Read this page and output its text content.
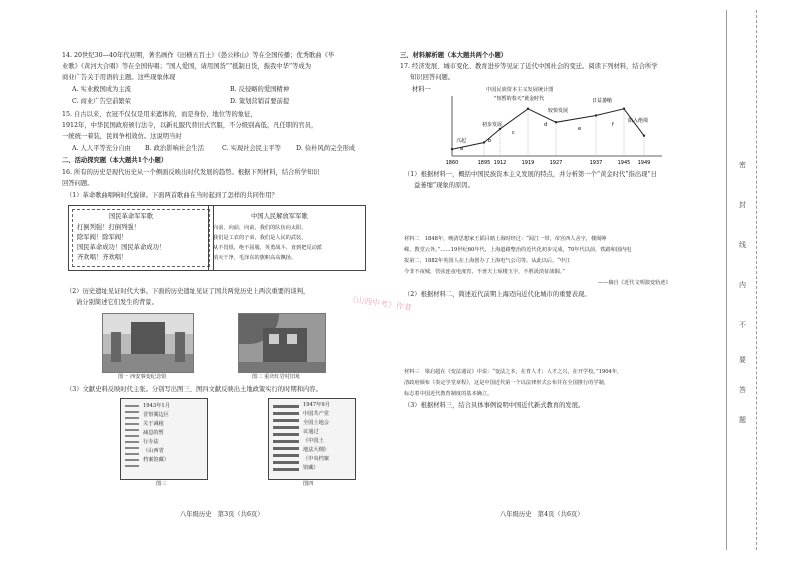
14. 20世纪30—40年代初期，著名画作《田横五百士》《愚公移山》等在全国传播；优秀歌曲《毕
业歌》《黄河大合唱》等在全国传唱；“国人爱国，请用国货”“抵制日货，振我中华”等成为
商业广告关于用语的主题。这些现象体现
A. 实业救国成为主流	B. 反侵略的爱国精神
C. 商业广告空前繁荣	D. 策划营销首要前提
15. 自古以来，衣冠不仅仅是用来遮体的，而是身份、地位等的象征，
1912年，中华民国政府颁行法令，以新礼服代替旧式官服，不分级别高低，凡任职的官员，
一统统一着装，民间争相效仿。这说明当时
A. 人人平等充分自由 B. 政治影响社会生活	C. 实现社会民主平等 D. 俭朴风尚完全形成
二、活动探究题（本大题共1个小题）
16. 所有的历史是现代历史从一个侧面反映出时代发展的趋势。根据下列材料，结合所学知识
回答问题。
（1）革命歌曲唱响时代旋律。下面两首歌曲在当时起到了怎样的共同作用？
国民革命军军歌
打倒列强！打倒列强！
除军阀！除军阀！
国民革命成功！国民革命成功！
齐欢唱！齐欢唱！
中国人民解放军军歌
向前，向前，向前，我们的队伍向太阳，
我们是工农的子弟，我们是人民的武装，
从不畏惧，绝不屈服，英勇战斗，直到把反动派
消灭干净，毛泽东的旗帜高高飘扬。
（2）历史遗址见证时代大事。下面的历史遗址见证了国共两党历史上两次重要的谈判，
请分别简述它们发生的背景。
图一 西安事变纪念馆	图二 重庆红岩村旧址
（3）文献史料反映时代主张。分别写出图三、图四文献反映出土地政策实行的时期和内容。
1943年1月
晋察冀边区
关于减租
减息的暂
行办法
（山西省
档案馆藏）
1947年9月
中国共产党
全国土地会
议通过
《中国土
地法大纲》
（中央档案
馆藏）
图三	图四
八年级历史　第3页（共6页）
《山西中考》作者
三、材料解析题（本大题共两个小题）
17. 经济发展、城市变化、教育进步等见证了近代中国社会的变迁。阅读下列材料，结合所学
知识回答问题。
材料一	中国民族资本主义发展统计图
1860	1895 1912	1919	1927	1937	1945 1949
兴起
初步发展
“短暂的春天”黄金时代
较快发展
日益萎缩
陷入绝境
a
b
c
d
e
f
（1）根据材料一，概括中国民族资本主义发展的特点，并分析第一个“黄金时代”指出现“日
益萎缩”现象的原因。
材料二　1848年，晚清思想家王韬目睹上海时经过：“阅江一带，帝宫西人舍宇，楼阁峥
嵘，教堂云外。”……19世纪60年代，上海道路整治的近代化初步完成，70年代以前，铁路和国内电
报第二，1882年英国人在上海创办了上海电气公司等。从此以后，“申江
今非不夜城，管弦连夜电度宵，不啻天上琼楼玉宇，不胜汲淡征战铜。”
——摘自《近代文明演变轨迹》
（2）根据材料二，简述近代前期上海迈向近代化城市的重要表现。
材料三　梁启超在《变法通议》中说：“变法之本，在育人才；人才之兴，在开学校。”1904年，
清政府颁布《奏定学堂章程》，这是中国近代第一个以法律形式公布并在全国推行的学制，
标志着中国近代教育制度的基本确立。
（3）根据材料三，结合具体事例说明中国近代新式教育的发展。
八年级历史　第4页（共6页）
密
封
线
内
不
要
答
题
